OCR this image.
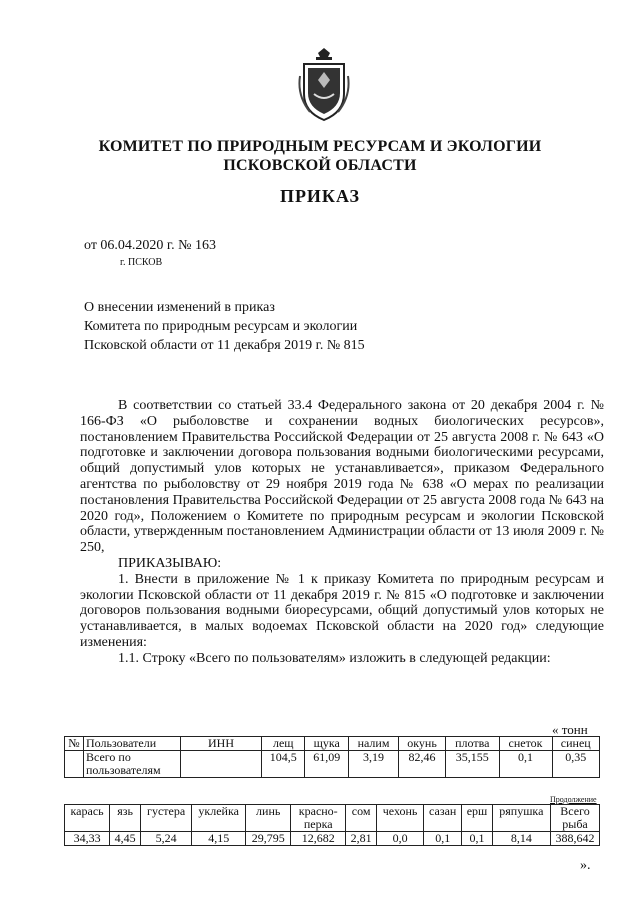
КОМИТЕТ ПО ПРИРОДНЫМ РЕСУРСАМ И ЭКОЛОГИИ
ПСКОВСКОЙ ОБЛАСТИ
ПРИКАЗ
от 06.04.2020 г. № 163
г. ПСКОВ
О внесении изменений в приказ
Комитета по природным ресурсам и экологии
Псковской области от 11 декабря 2019 г. № 815

В соответствии со статьей 33.4 Федерального закона от 20 декабря 2004 г. № 166-ФЗ «О рыболовстве и сохранении водных биологических ресурсов», постановлением Правительства Российской Федерации от 25 августа 2008 г. № 643 «О подготовке и заключении договора пользования водными биологическими ресурсами, общий допустимый улов которых не устанавливается», приказом Федерального агентства по рыболовству от 29 ноября 2019 года № 638 «О мерах по реализации постановления Правительства Российской Федерации от 25 августа 2008 года № 643 на 2020 год», Положением о Комитете по природным ресурсам и экологии Псковской области, утвержденным постановлением Администрации области от 13 июля 2009 г. № 250,

ПРИКАЗЫВАЮ:

1. Внести в приложение № 1 к приказу Комитета по природным ресурсам и экологии Псковской области от 11 декабря 2019 г. № 815 «О подготовке и заключении договоров пользования водными биоресурсами, общий допустимый улов которых не устанавливается, в малых водоемах Псковской области на 2020 год» следующие изменения:

1.1. Строку «Всего по пользователям» изложить в следующей редакции:

« тонн
№	Пользователи	ИНН	лещ	щука	налим	окунь	плотва	снеток	синец
	Всего по пользователям		104,5	61,09	3,19	82,46	35,155	0,1	0,35
Продолжение
карась	язь	густера	уклейка	линь	красно-перка	сом	чехонь	сазан	ерш	ряпушка	Всего рыба
34,33	4,45	5,24	4,15	29,795	12,682	2,81	0,0	0,1	0,1	8,14	388,642
».
